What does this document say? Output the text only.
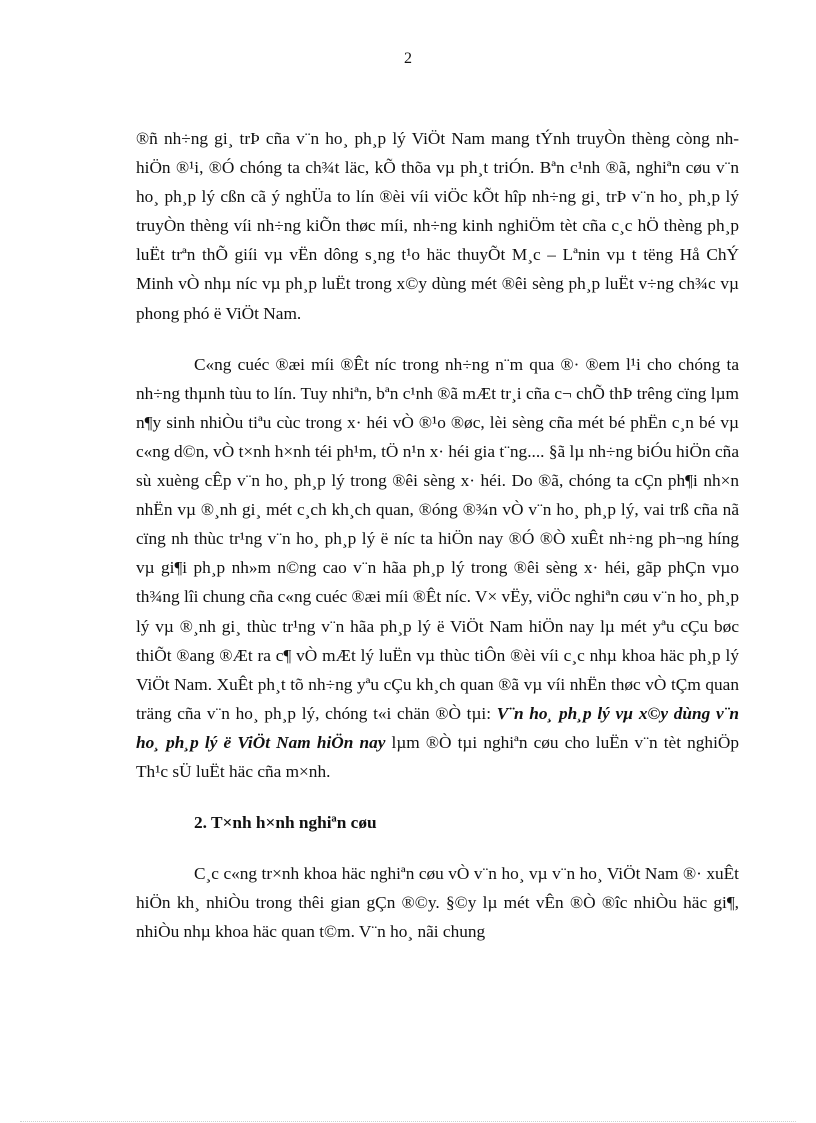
2

®ñ nh÷ng gi¸ trÞ cña v¨n ho¸ ph¸p lý ViÖt Nam mang tÝnh truyÒn thèng còng nh hiÖn ®¹i, ®Ó chóng ta ch¾t läc, kÕ thõa vµ ph¸t triÓn. Bªn c¹nh ®ã, nghiªn cøu v¨n ho¸ ph¸p lý cßn cã ý nghÜa to lín ®èi víi viÖc kÕt hîp nh÷ng gi¸ trÞ v¨n ho¸ ph¸p lý truyÒn thèng víi nh÷ng kiÕn thøc míi, nh÷ng kinh nghiÖm tèt cña c¸c hÖ thèng ph¸p luËt trªn thÕ giíi vµ vËn dông s¸ng t¹o häc thuyÕt M¸c – Lªnin vµ t tëng Hå ChÝ Minh vÒ nhµ níc vµ ph¸p luËt trong x©y dùng mét ®êi sèng ph¸p luËt v÷ng ch¾c vµ phong phó ë ViÖt Nam.

C«ng cuéc ®æi míi ®Êt níc trong nh÷ng n¨m qua ®· ®em l¹i cho chóng ta nh÷ng thµnh tùu to lín. Tuy nhiªn, bªn c¹nh ®ã mÆt tr¸i cña c¬ chÕ thÞ trêng cïng lµm n¶y sinh nhiÒu tiªu cùc trong x· héi vÒ ®¹o ®øc, lèi sèng cña mét bé phËn c¸n bé vµ c«ng d©n, vÒ t×nh h×nh téi ph¹m, tÖ n¹n x· héi gia t¨ng.... §ã lµ nh÷ng biÓu hiÖn cña sù xuèng cÊp v¨n ho¸ ph¸p lý trong ®êi sèng x· héi. Do ®ã, chóng ta cÇn ph¶i nh×n nhËn vµ ®¸nh gi¸ mét c¸ch kh¸ch quan, ®óng ®¾n vÒ v¨n ho¸ ph¸p lý, vai trß cña nã cïng nh thùc tr¹ng v¨n ho¸ ph¸p lý ë níc ta hiÖn nay ®Ó ®Ò xuÊt nh÷ng ph¬ng híng vµ gi¶i ph¸p nh»m n©ng cao v¨n hãa ph¸p lý trong ®êi sèng x· héi, gãp phÇn vµo th¾ng lîi chung cña c«ng cuéc ®æi míi ®Êt níc. V× vËy, viÖc nghiªn cøu v¨n ho¸ ph¸p lý vµ ®¸nh gi¸ thùc tr¹ng v¨n hãa ph¸p lý ë ViÖt Nam hiÖn nay lµ mét yªu cÇu bøc thiÕt ®ang ®Æt ra c¶ vÒ mÆt lý luËn vµ thùc tiÔn ®èi víi c¸c nhµ khoa häc ph¸p lý ViÖt Nam. XuÊt ph¸t tõ nh÷ng yªu cÇu kh¸ch quan ®ã vµ víi nhËn thøc vÒ tÇm quan träng cña v¨n ho¸ ph¸p lý, chóng t«i chän ®Ò tµi: V¨n ho¸ ph¸p lý vµ x©y dùng v¨n ho¸ ph¸p lý ë ViÖt Nam hiÖn nay lµm ®Ò tµi nghiªn cøu cho luËn v¨n tèt nghiÖp Th¹c sÜ luËt häc cña m×nh.

2. T×nh h×nh nghiªn cøu

C¸c c«ng tr×nh khoa häc nghiªn cøu vÒ v¨n ho¸ vµ v¨n ho¸ ViÖt Nam ®· xuÊt hiÖn kh¸ nhiÒu trong thêi gian gÇn ®©y. §©y lµ mét vÊn ®Ò ®îc nhiÒu häc gi¶, nhiÒu nhµ khoa häc quan t©m. V¨n ho¸ nãi chung
